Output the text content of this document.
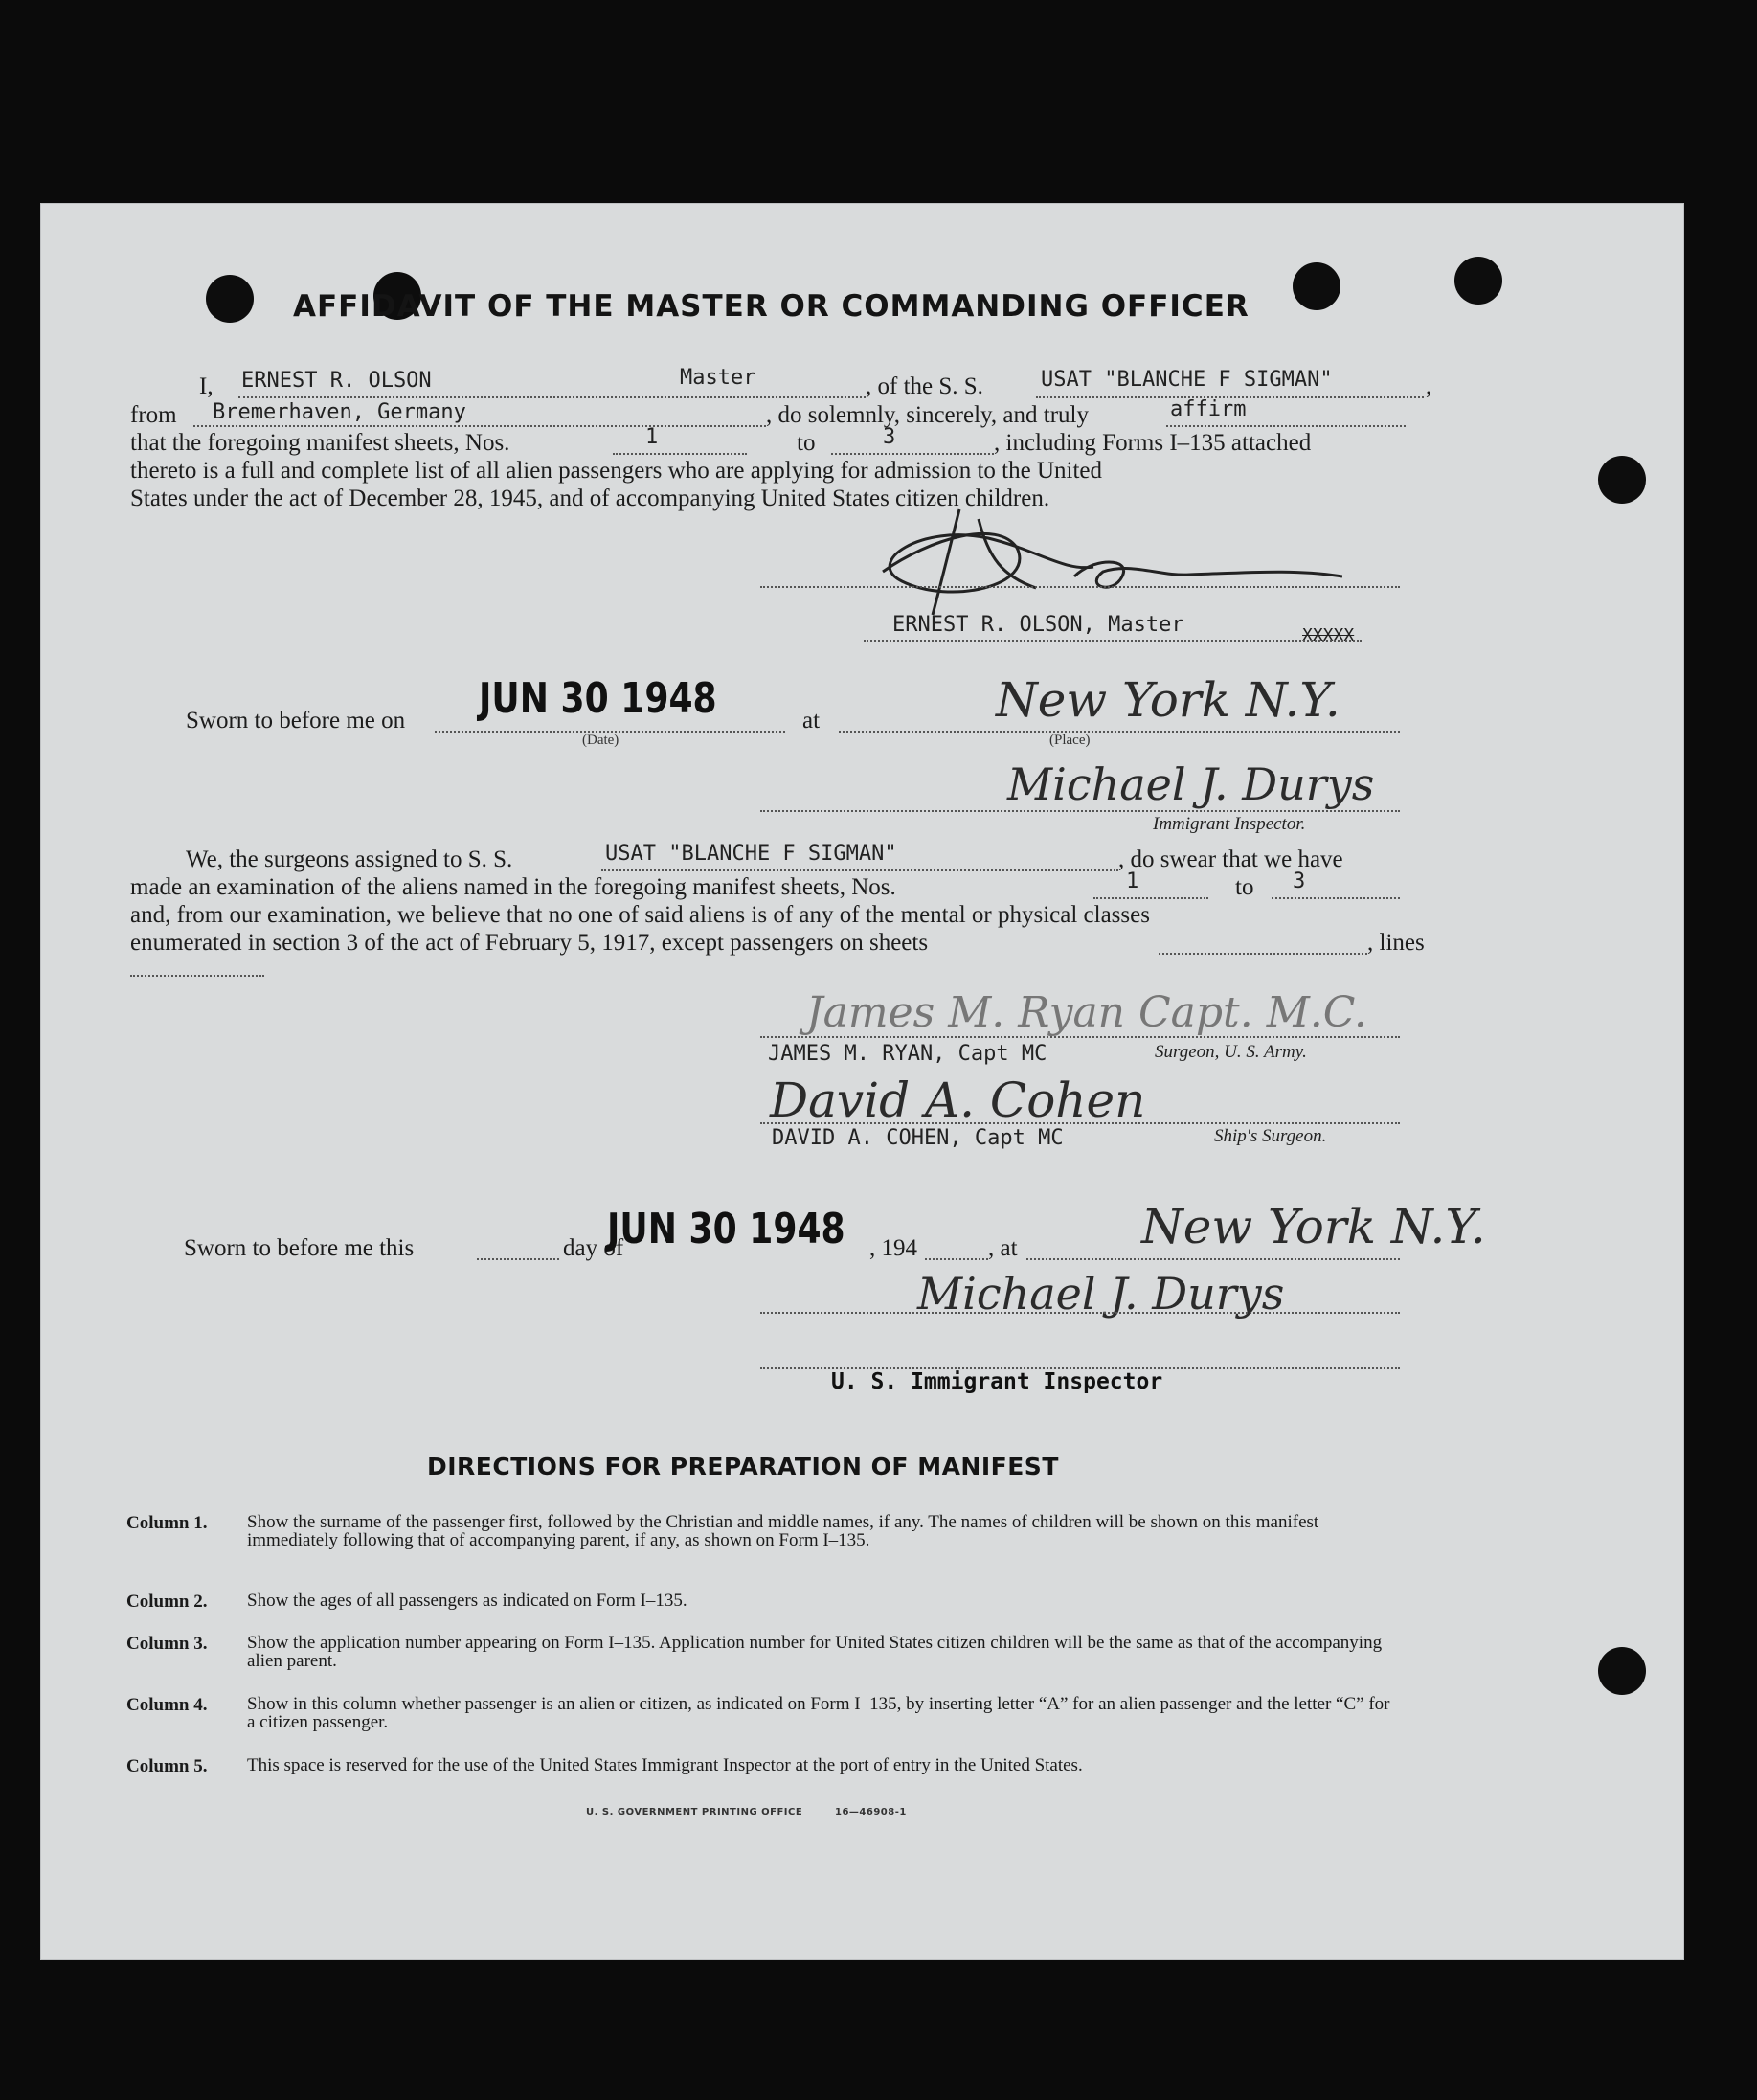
AFFIDAVIT OF THE MASTER OR COMMANDING OFFICER
I, ERNEST R. OLSON	Master	, of the S. S.	USAT "BLANCHE F SIGMAN"	,
from Bremerhaven, Germany	, do solemnly, sincerely, and truly	affirm
that the foregoing manifest sheets, Nos.	1	to	3	, including Forms I–135 attached
thereto is a full and complete list of all alien passengers who are applying for admission to the United
States under the act of December 28, 1945, and of accompanying United States citizen children.
ERNEST R. OLSON, Master	XXXXX
Sworn to before me on JUN 30 1948
(Date)
at	New York N.Y.
(Place)
Michael J. Durys
Immigrant Inspector.
We, the surgeons assigned to S. S.	USAT "BLANCHE F SIGMAN"	, do swear that we have
made an examination of the aliens named in the foregoing manifest sheets, Nos.	1	to 3
and, from our examination, we believe that no one of said aliens is of any of the mental or physical classes
enumerated in section 3 of the act of February 5, 1917, except passengers on sheets	, lines
James M. Ryan Capt. M.C.
JAMES M. RYAN, Capt MC	Surgeon, U. S. Army.
David A. Cohen
DAVID A. COHEN, Capt MC	Ship's Surgeon.
Sworn to before me this	day of
JUN 30 1948 , 194	, at	New York N.Y.
Michael J. Durys
U. S. Immigrant Inspector
DIRECTIONS FOR PREPARATION OF MANIFEST
Column 1. Show the surname of the passenger first, followed by the Christian and middle names, if any. The names of children will be shown on this manifest immediately following that of accompanying parent, if any, as shown on Form I–135.
Column 2. Show the ages of all passengers as indicated on Form I–135.
Column 3. Show the application number appearing on Form I–135. Application number for United States citizen children will be the same as that of the accompanying alien parent.
Column 4. Show in this column whether passenger is an alien or citizen, as indicated on Form I–135, by inserting letter “A” for an alien passenger and the letter “C” for a citizen passenger.
Column 5. This space is reserved for the use of the United States Immigrant Inspector at the port of entry in the United States.
U. S. GOVERNMENT PRINTING OFFICE	16—46908-1
